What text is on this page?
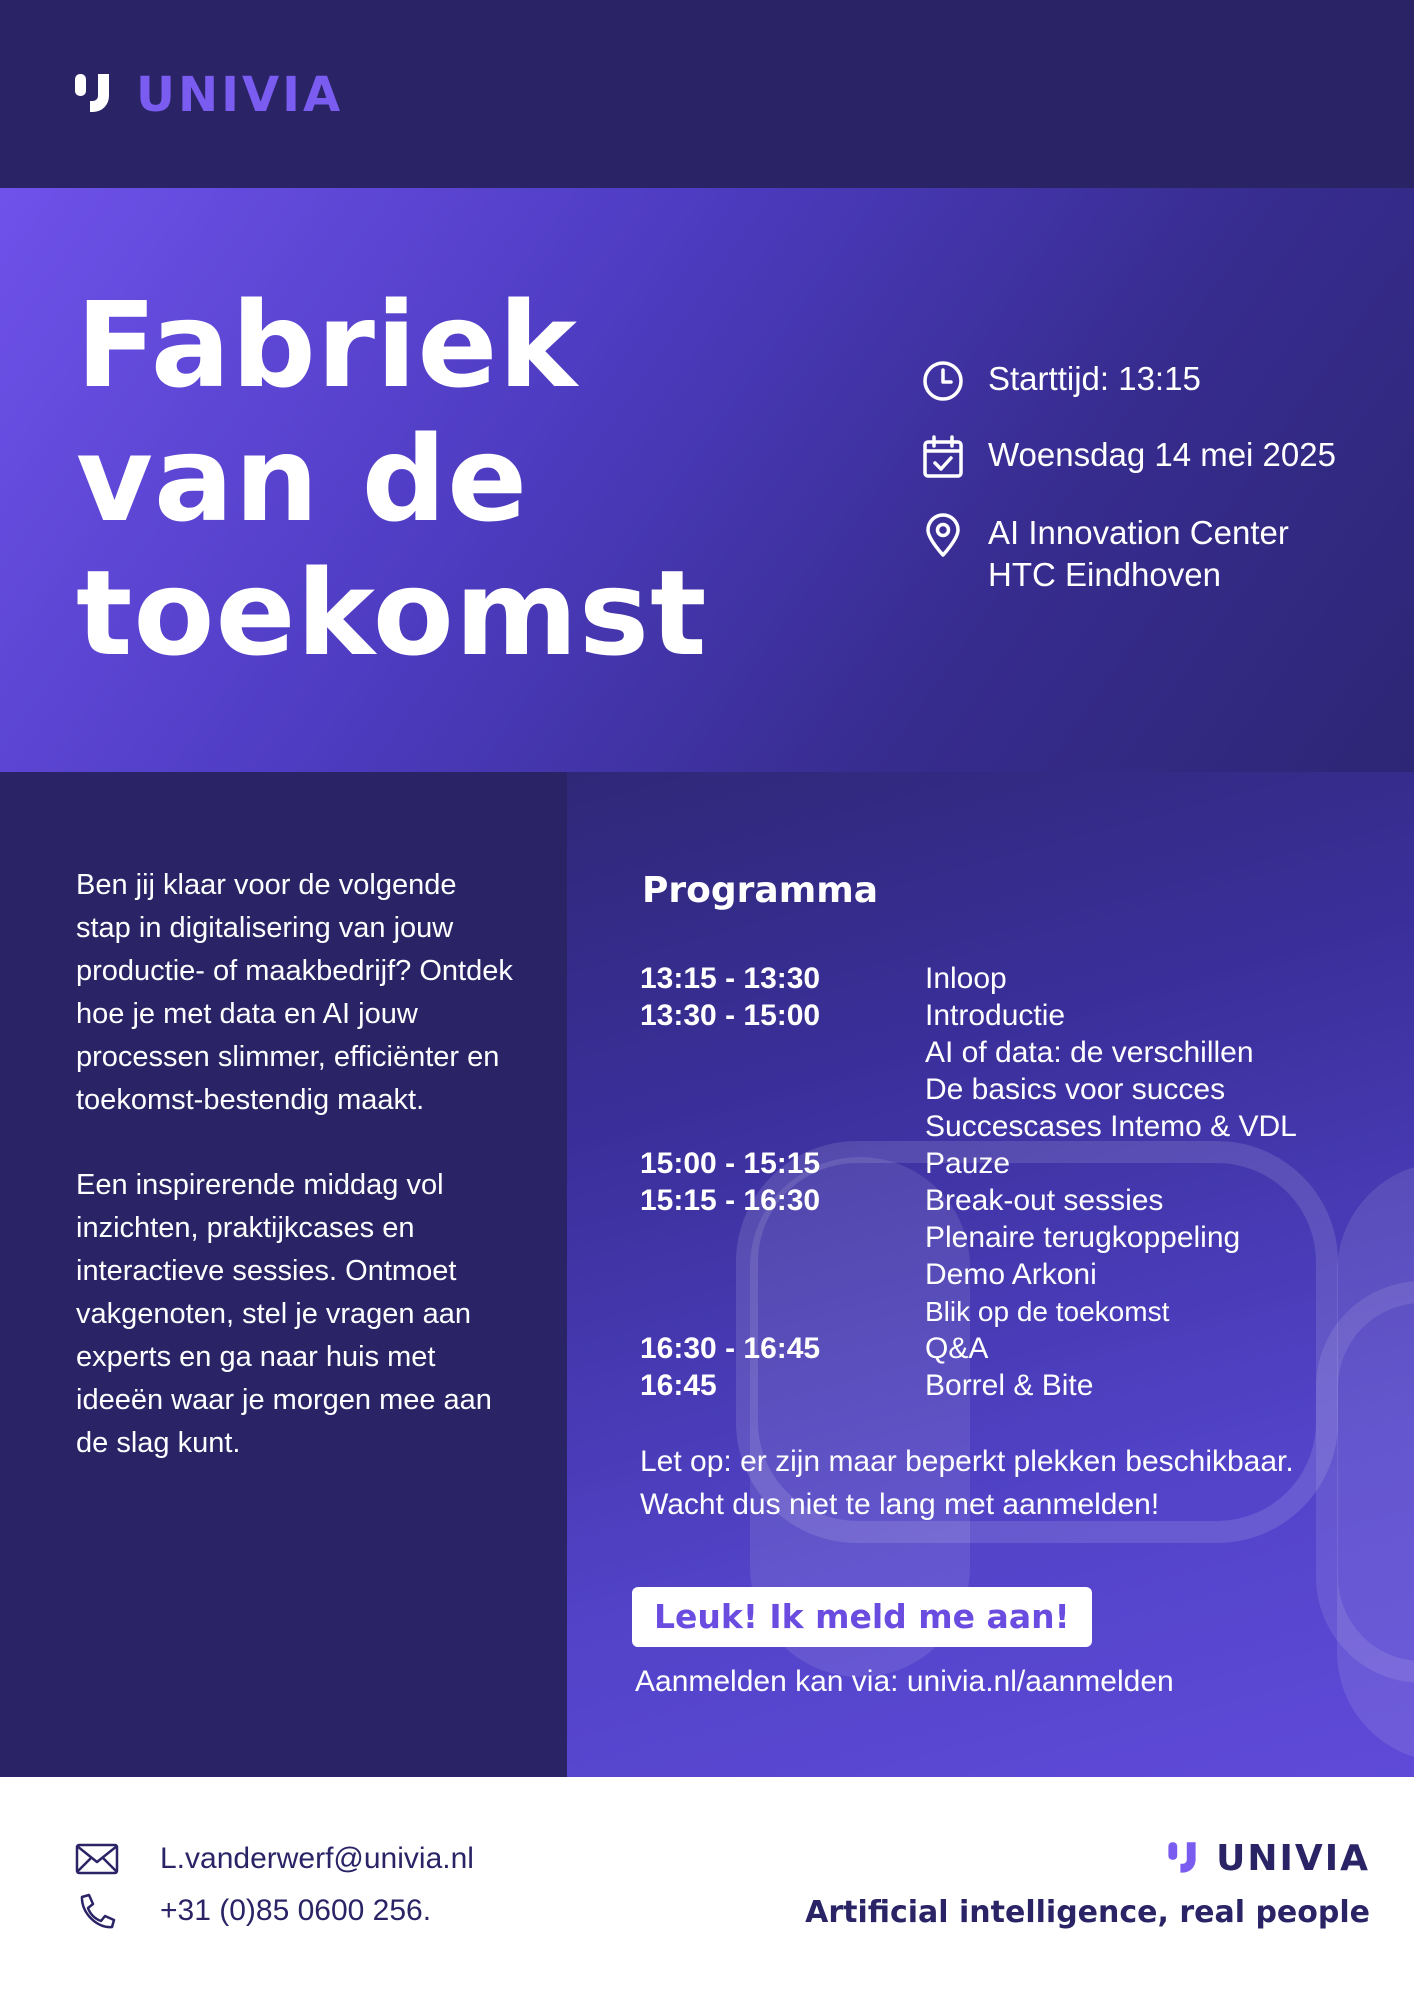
UNIVIA
Fabriek
van de
toekomst
Starttijd: 13:15
Woensdag 14 mei 2025
AI Innovation Center
HTC Eindhoven

Ben jij klaar voor de volgende stap in digitalisering van jouw productie- of maakbedrijf? Ontdek hoe je met data en AI jouw processen slimmer, efficiënter en toekomst-bestendig maakt.

Een inspirerende middag vol inzichten, praktijkcases en interactieve sessies. Ontmoet vakgenoten, stel je vragen aan experts en ga naar huis met ideeën waar je morgen mee aan de slag kunt.

Programma
13:15 - 13:30	Inloop
13:30 - 15:00	Introductie
AI of data: de verschillen
De basics voor succes
Succescases Intemo & VDL
15:00 - 15:15	Pauze
15:15 - 16:30	Break-out sessies
Plenaire terugkoppeling
Demo Arkoni
Blik op de toekomst
16:30 - 16:45	Q&A
16:45	Borrel & Bite
Let op: er zijn maar beperkt plekken beschikbaar.
Wacht dus niet te lang met aanmelden!
Leuk! Ik meld me aan!
Aanmelden kan via: univia.nl/aanmelden
L.vanderwerf@univia.nl
+31 (0)85 0600 256.
UNIVIA
Artificial intelligence, real people
